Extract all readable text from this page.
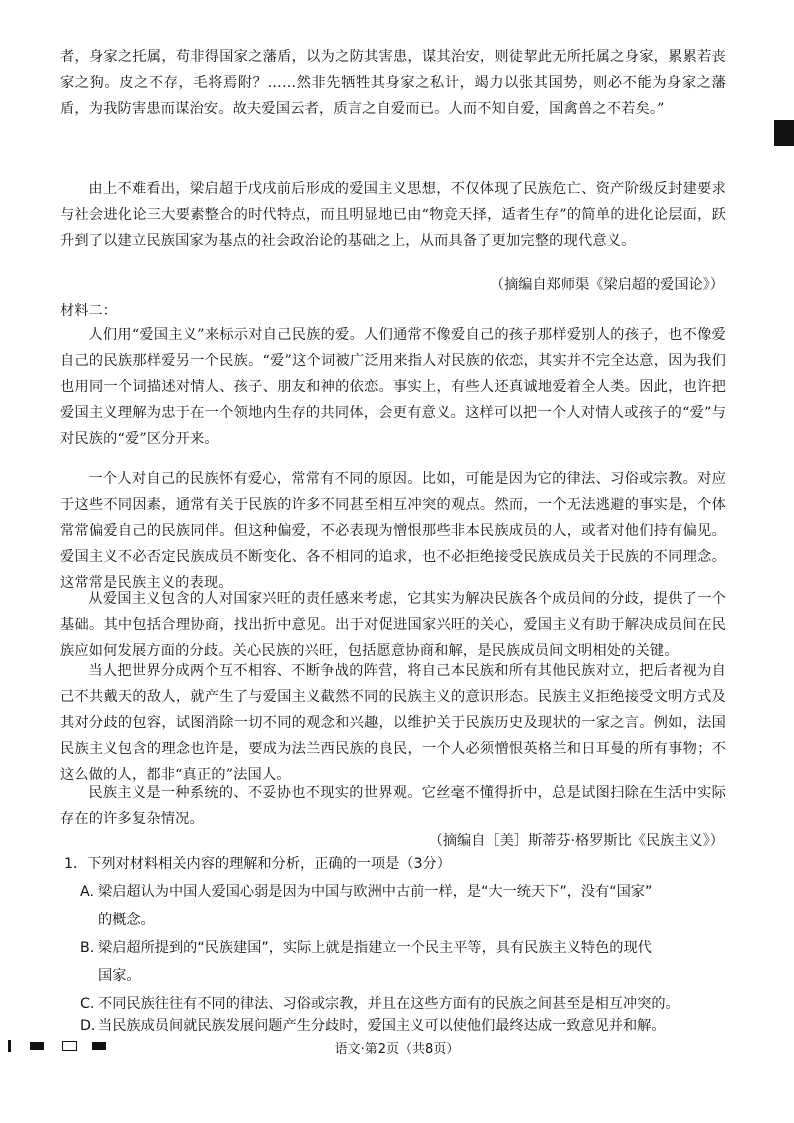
者，身家之托属，苟非得国家之藩盾，以为之防其害患，谋其治安，则徒挈此无所托属之身家，累累若丧家之狗。皮之不存，毛将焉附？……然非先牺牲其身家之私计，竭力以张其国势，则必不能为身家之藩盾，为我防害患而谋治安。故夫爱国云者，质言之自爱而已。人而不知自爱，国禽兽之不若矣。”

由上不难看出，梁启超于戊戌前后形成的爱国主义思想，不仅体现了民族危亡、资产阶级反封建要求与社会进化论三大要素整合的时代特点，而且明显地已由“物竞天择，适者生存”的简单的进化论层面，跃升到了以建立民族国家为基点的社会政治论的基础之上，从而具备了更加完整的现代意义。

（摘编自郑师渠《梁启超的爱国论》）

材料二：

人们用“爱国主义”来标示对自己民族的爱。人们通常不像爱自己的孩子那样爱别人的孩子，也不像爱自己的民族那样爱另一个民族。“爱”这个词被广泛用来指人对民族的依恋，其实并不完全达意，因为我们也用同一个词描述对情人、孩子、朋友和神的依恋。事实上，有些人还真诚地爱着全人类。因此，也许把爱国主义理解为忠于在一个领地内生存的共同体，会更有意义。这样可以把一个人对情人或孩子的“爱”与对民族的“爱”区分开来。

一个人对自己的民族怀有爱心，常常有不同的原因。比如，可能是因为它的律法、习俗或宗教。对应于这些不同因素，通常有关于民族的许多不同甚至相互冲突的观点。然而，一个无法逃避的事实是，个体常常偏爱自己的民族同伴。但这种偏爱，不必表现为憎恨那些非本民族成员的人，或者对他们持有偏见。爱国主义不必否定民族成员不断变化、各不相同的追求，也不必拒绝接受民族成员关于民族的不同理念。这常常是民族主义的表现。

从爱国主义包含的人对国家兴旺的责任感来考虑，它其实为解决民族各个成员间的分歧，提供了一个基础。其中包括合理协商，找出折中意见。出于对促进国家兴旺的关心，爱国主义有助于解决成员间在民族应如何发展方面的分歧。关心民族的兴旺，包括愿意协商和解，是民族成员间文明相处的关键。

当人把世界分成两个互不相容、不断争战的阵营，将自己本民族和所有其他民族对立，把后者视为自己不共戴天的敌人，就产生了与爱国主义截然不同的民族主义的意识形态。民族主义拒绝接受文明方式及其对分歧的包容，试图消除一切不同的观念和兴趣，以维护关于民族历史及现状的一家之言。例如，法国民族主义包含的理念也许是，要成为法兰西民族的良民，一个人必须憎恨英格兰和日耳曼的所有事物；不这么做的人，都非“真正的”法国人。

民族主义是一种系统的、不妥协也不现实的世界观。它丝毫不懂得折中，总是试图扫除在生活中实际存在的许多复杂情况。

（摘编自［美］斯蒂芬·格罗斯比《民族主义》）

1．下列对材料相关内容的理解和分析，正确的一项是（3分）

A. 梁启超认为中国人爱国心弱是因为中国与欧洲中古前一样，是“大一统天下”，没有“国家”
的概念。

B. 梁启超所提到的“民族建国”，实际上就是指建立一个民主平等，具有民族主义特色的现代
国家。

C. 不同民族往往有不同的律法、习俗或宗教，并且在这些方面有的民族之间甚至是相互冲突的。

D. 当民族成员间就民族发展问题产生分歧时，爱国主义可以使他们最终达成一致意见并和解。

语文·第2页（共8页）
